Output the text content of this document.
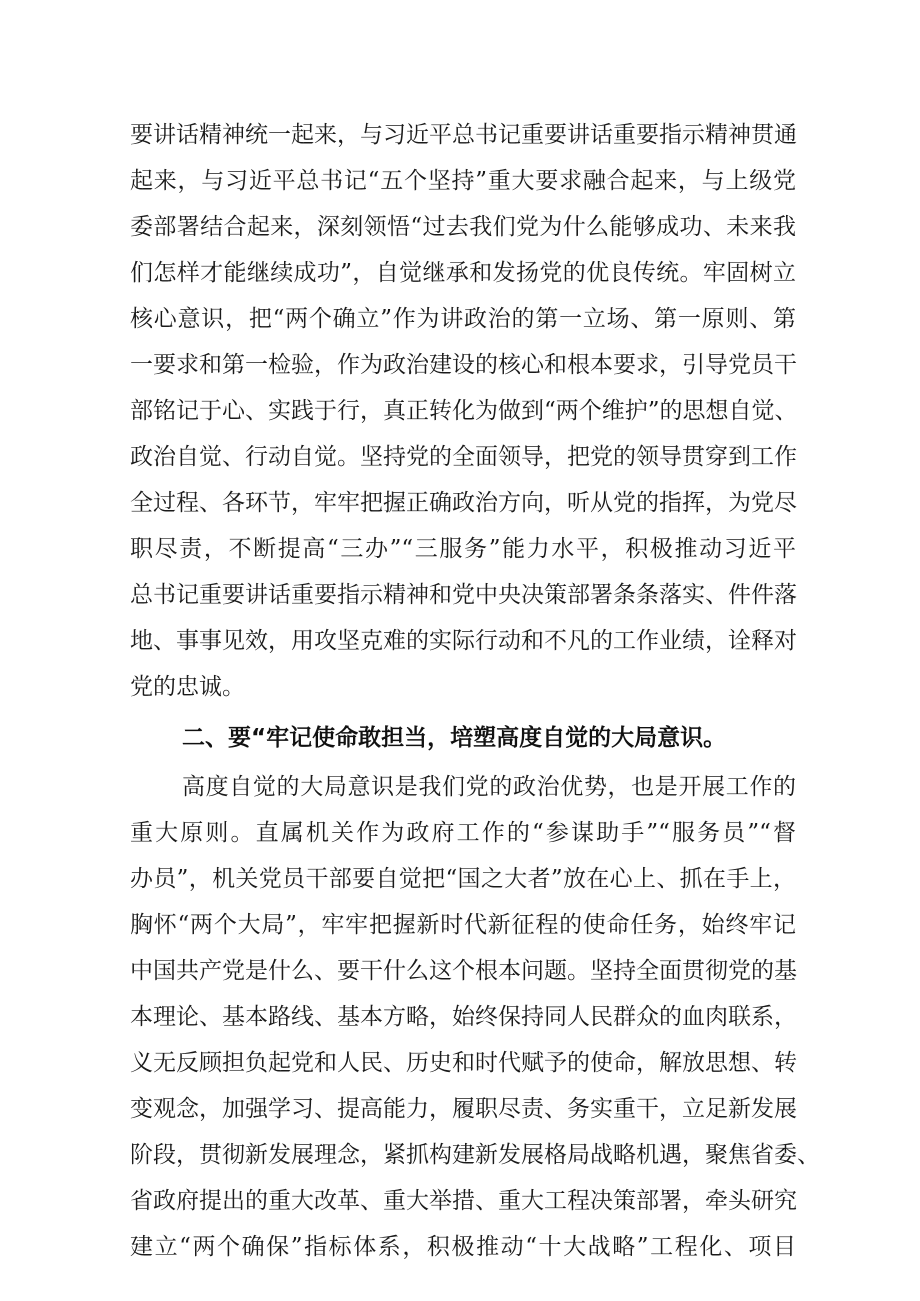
要讲话精神统一起来，与习近平总书记重要讲话重要指示精神贯通
起来，与习近平总书记“五个坚持”重大要求融合起来，与上级党
委部署结合起来，深刻领悟“过去我们党为什么能够成功、未来我
们怎样才能继续成功”，自觉继承和发扬党的优良传统。牢固树立
核心意识，把“两个确立”作为讲政治的第一立场、第一原则、第
一要求和第一检验，作为政治建设的核心和根本要求，引导党员干
部铭记于心、实践于行，真正转化为做到“两个维护”的思想自觉、
政治自觉、行动自觉。坚持党的全面领导，把党的领导贯穿到工作
全过程、各环节，牢牢把握正确政治方向，听从党的指挥，为党尽
职尽责，不断提高“三办”“三服务”能力水平，积极推动习近平
总书记重要讲话重要指示精神和党中央决策部署条条落实、件件落
地、事事见效，用攻坚克难的实际行动和不凡的工作业绩，诠释对
党的忠诚。
二、要“牢记使命敢担当，培塑高度自觉的大局意识。
高度自觉的大局意识是我们党的政治优势，也是开展工作的
重大原则。直属机关作为政府工作的“参谋助手”“服务员”“督
办员”，机关党员干部要自觉把“国之大者”放在心上、抓在手上，
胸怀“两个大局”，牢牢把握新时代新征程的使命任务，始终牢记
中国共产党是什么、要干什么这个根本问题。坚持全面贯彻党的基
本理论、基本路线、基本方略，始终保持同人民群众的血肉联系，
义无反顾担负起党和人民、历史和时代赋予的使命，解放思想、转
变观念，加强学习、提高能力，履职尽责、务实重干，立足新发展
阶段，贯彻新发展理念，紧抓构建新发展格局战略机遇，聚焦省委、
省政府提出的重大改革、重大举措、重大工程决策部署，牵头研究
建立“两个确保”指标体系，积极推动“十大战略”工程化、项目
